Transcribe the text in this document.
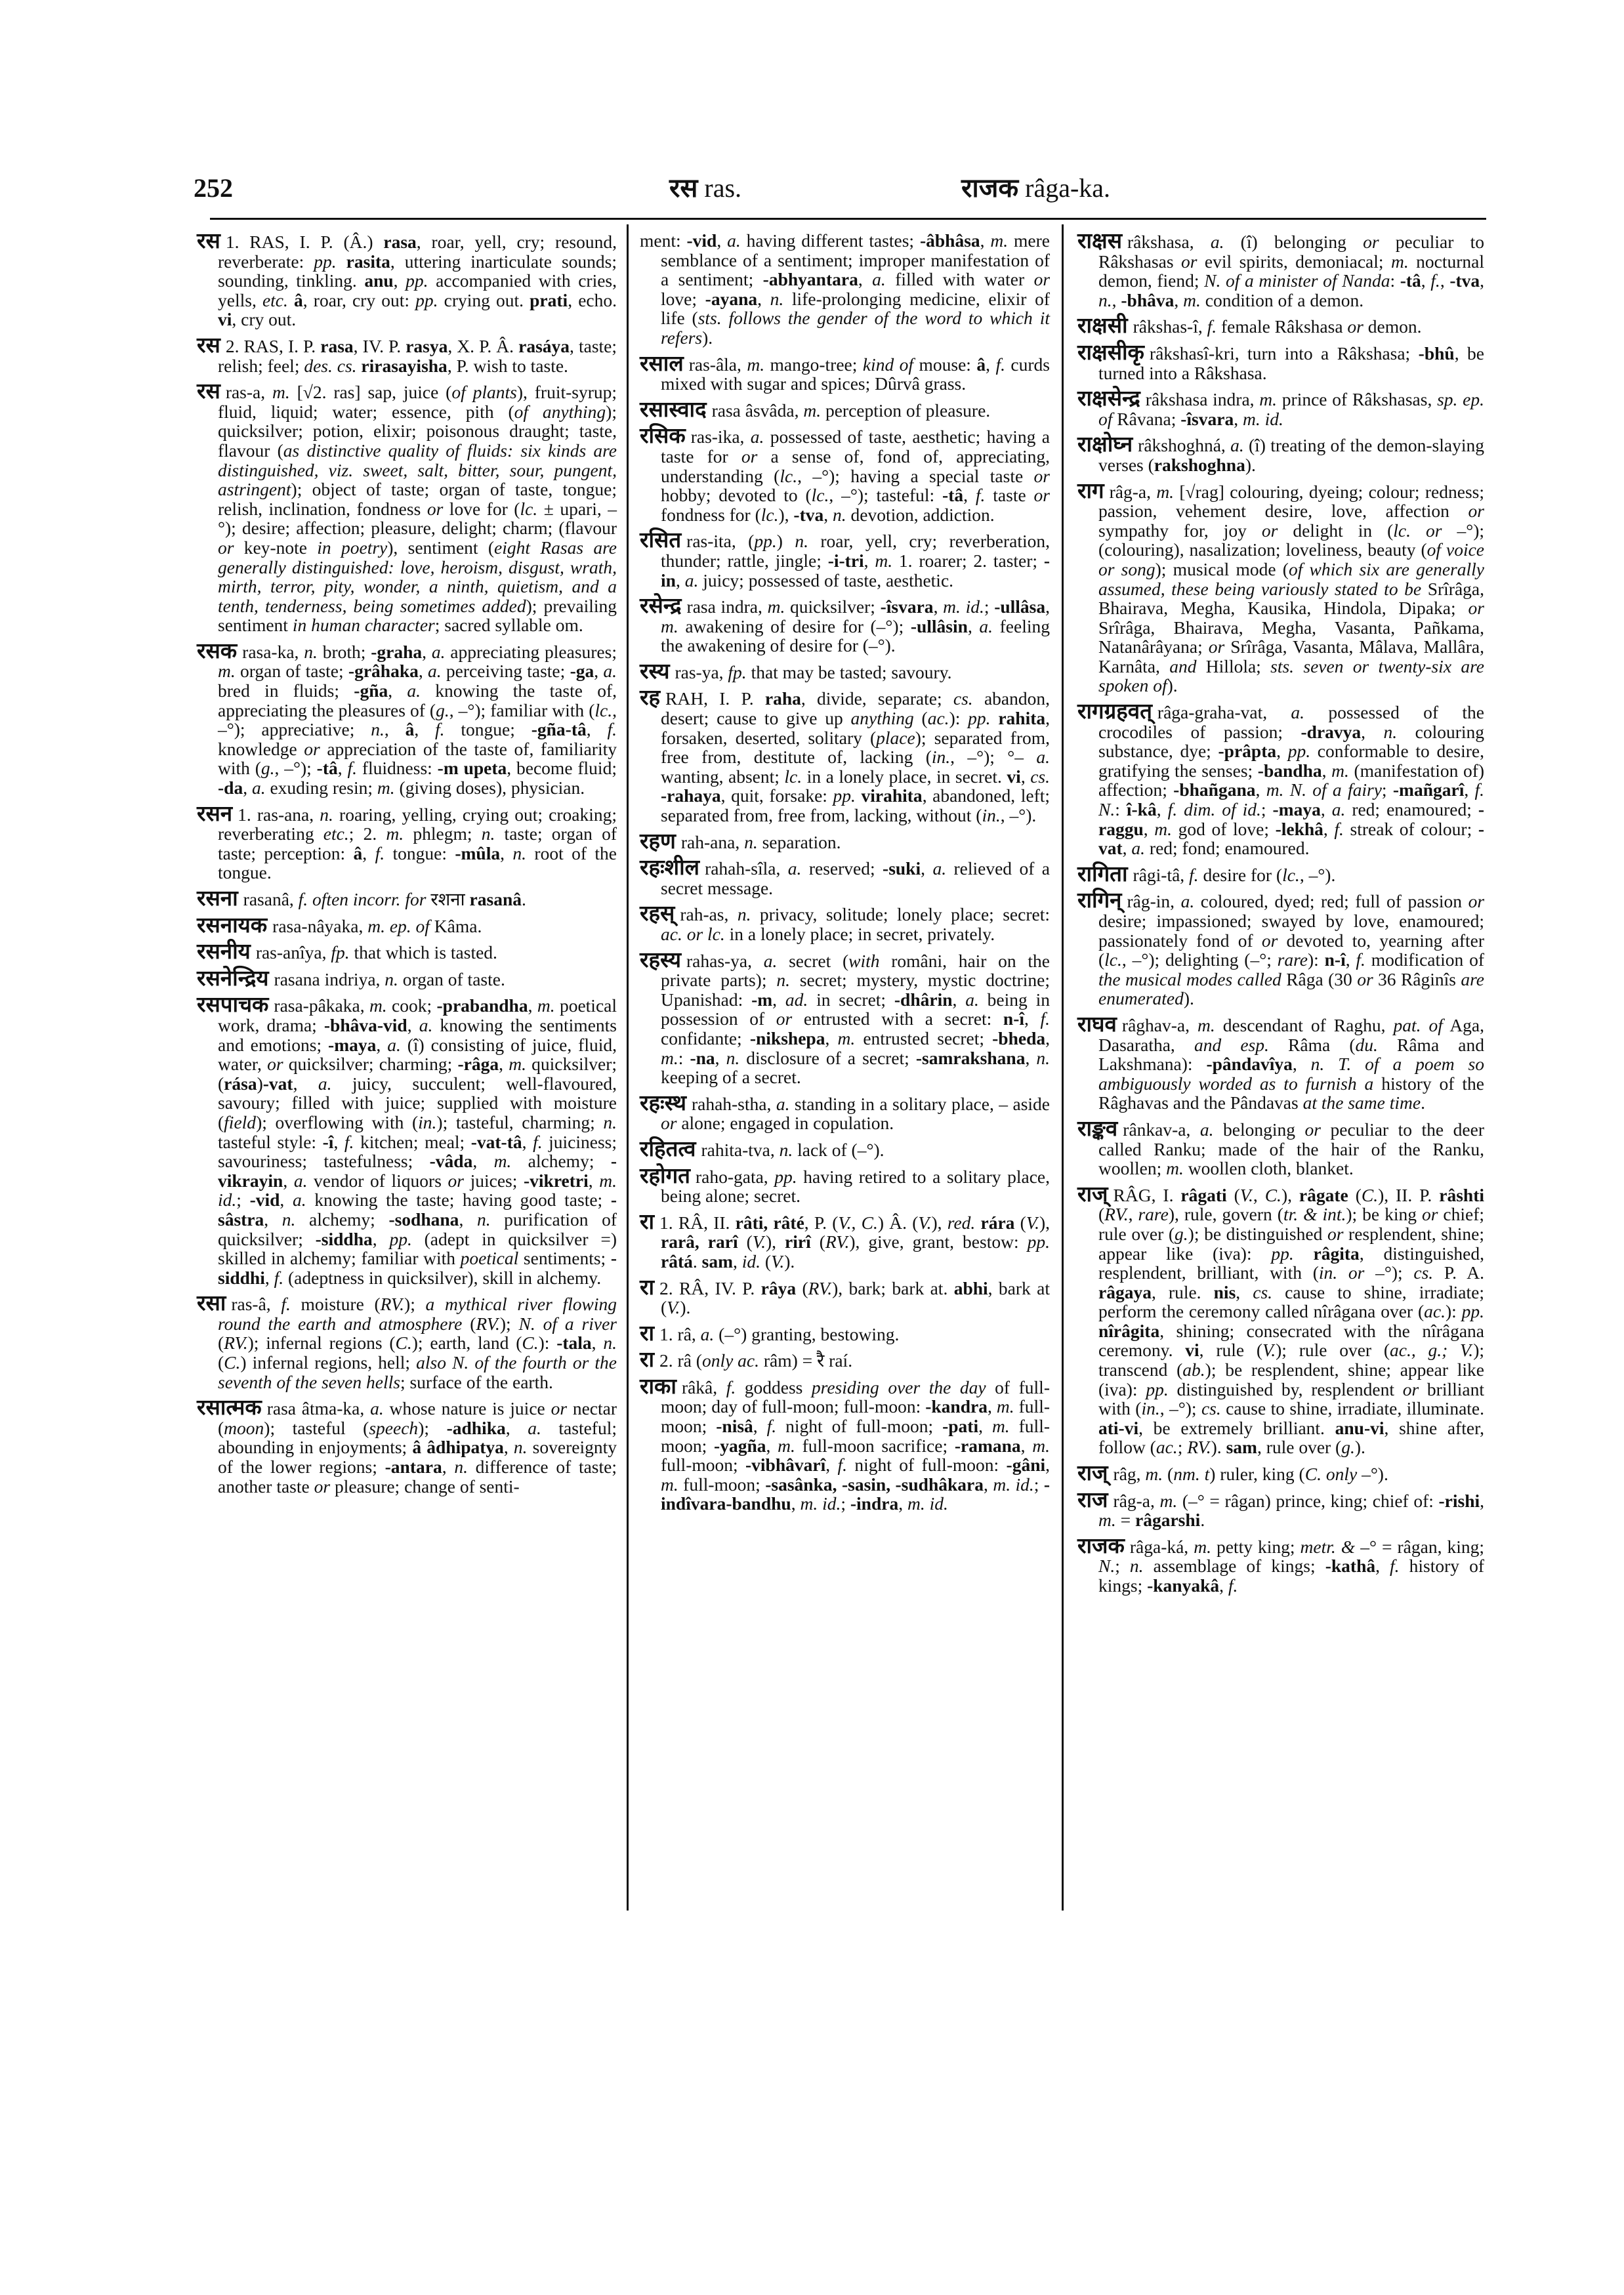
252	रस ras.	राजक râga-ka.

रस 1. RAS, I. P. (Â.) rasa, roar, yell, cry; resound, reverberate: pp. rasita, uttering inarticulate sounds; sounding, tinkling. anu, pp. accompanied with cries, yells, etc. â, roar, cry out: pp. crying out. prati, echo. vi, cry out.

रस 2. RAS, I. P. rasa, IV. P. rasya, X. P. Â. rasáya, taste; relish; feel; des. cs. rirasayisha, P. wish to taste.

रस ras-a, m. [√2. ras] sap, juice (of plants), fruit-syrup; fluid, liquid; water; essence, pith (of anything); quicksilver; potion, elixir; poisonous draught; taste, flavour (as distinctive quality of fluids: six kinds are distinguished, viz. sweet, salt, bitter, sour, pungent, astringent); object of taste; organ of taste, tongue; relish, inclination, fondness or love for (lc. ± upari, –°); desire; affection; pleasure, delight; charm; (flavour or key-note in poetry), sentiment (eight Rasas are generally distinguished: love, heroism, disgust, wrath, mirth, terror, pity, wonder, a ninth, quietism, and a tenth, tenderness, being sometimes added); prevailing sentiment in human character; sacred syllable om.

रसक rasa-ka, n. broth; -graha, a. appreciating pleasures; m. organ of taste; -grâhaka, a. perceiving taste; -ga, a. bred in fluids; -gña, a. knowing the taste of, appreciating the pleasures of (g., –°); familiar with (lc., –°); appreciative; n., â, f. tongue; -gña-tâ, f. knowledge or appreciation of the taste of, familiarity with (g., –°); -tâ, f. fluidness: -m upeta, become fluid; -da, a. exuding resin; m. (giving doses), physician.

रसन 1. ras-ana, n. roaring, yelling, crying out; croaking; reverberating etc.; 2. m. phlegm; n. taste; organ of taste; perception: â, f. tongue: -mûla, n. root of the tongue.

रसना rasanâ, f. often incorr. for रशना rasanâ.

रसनायक rasa-nâyaka, m. ep. of Kâma.

रसनीय ras-anîya, fp. that which is tasted.

रसनेन्द्रिय rasana indriya, n. organ of taste.

रसपाचक rasa-pâkaka, m. cook; -prabandha, m. poetical work, drama; -bhâva-vid, a. knowing the sentiments and emotions; -maya, a. (î) consisting of juice, fluid, water, or quicksilver; charming; -râga, m. quicksilver; (rása)-vat, a. juicy, succulent; well-flavoured, savoury; filled with juice; supplied with moisture (field); overflowing with (in.); tasteful, charming; n. tasteful style: -î, f. kitchen; meal; -vat-tâ, f. juiciness; savouriness; tastefulness; -vâda, m. alchemy; -vikrayin, a. vendor of liquors or juices; -vikretri, m. id.; -vid, a. knowing the taste; having good taste; -sâstra, n. alchemy; -sodhana, n. purification of quicksilver; -siddha, pp. (adept in quicksilver =) skilled in alchemy; familiar with poetical sentiments; -siddhi, f. (adeptness in quicksilver), skill in alchemy.

रसा ras-â, f. moisture (RV.); a mythical river flowing round the earth and atmosphere (RV.); N. of a river (RV.); infernal regions (C.); earth, land (C.): -tala, n. (C.) infernal regions, hell; also N. of the fourth or the seventh of the seven hells; surface of the earth.

रसात्मक rasa âtma-ka, a. whose nature is juice or nectar (moon); tasteful (speech); -adhika, a. tasteful; abounding in enjoyments; â âdhipatya, n. sovereignty of the lower regions; -antara, n. difference of taste; another taste or pleasure; change of senti-

ment: -vid, a. having different tastes; -âbhâsa, m. mere semblance of a sentiment; improper manifestation of a sentiment; -abhyantara, a. filled with water or love; -ayana, n. life-prolonging medicine, elixir of life (sts. follows the gender of the word to which it refers).

रसाल ras-âla, m. mango-tree; kind of mouse: â, f. curds mixed with sugar and spices; Dûrvâ grass.

रसास्वाद rasa âsvâda, m. perception of pleasure.

रसिक ras-ika, a. possessed of taste, aesthetic; having a taste for or a sense of, fond of, appreciating, understanding (lc., –°); having a special taste or hobby; devoted to (lc., –°); tasteful: -tâ, f. taste or fondness for (lc.), -tva, n. devotion, addiction.

रसित ras-ita, (pp.) n. roar, yell, cry; reverberation, thunder; rattle, jingle; -i-tri, m. 1. roarer; 2. taster; -in, a. juicy; possessed of taste, aesthetic.

रसेन्द्र rasa indra, m. quicksilver; -îsvara, m. id.; -ullâsa, m. awakening of desire for (–°); -ullâsin, a. feeling the awakening of desire for (–°).

रस्य ras-ya, fp. that may be tasted; savoury.

रह RAH, I. P. raha, divide, separate; cs. abandon, desert; cause to give up anything (ac.): pp. rahita, forsaken, deserted, solitary (place); separated from, free from, destitute of, lacking (in., –°); °– a. wanting, absent; lc. in a lonely place, in secret. vi, cs. -rahaya, quit, forsake: pp. virahita, abandoned, left; separated from, free from, lacking, without (in., –°).

रहण rah-ana, n. separation.

रहःशील rahah-sîla, a. reserved; -suki, a. relieved of a secret message.

रहस् rah-as, n. privacy, solitude; lonely place; secret: ac. or lc. in a lonely place; in secret, privately.

रहस्य rahas-ya, a. secret (with români, hair on the private parts); n. secret; mystery, mystic doctrine; Upanishad: -m, ad. in secret; -dhârin, a. being in possession of or entrusted with a secret: n-î, f. confidante; -nikshepa, m. entrusted secret; -bheda, m.: -na, n. disclosure of a secret; -samrakshana, n. keeping of a secret.

रहःस्थ rahah-stha, a. standing in a solitary place, – aside or alone; engaged in copulation.

रहितत्व rahita-tva, n. lack of (–°).

रहोगत raho-gata, pp. having retired to a solitary place, being alone; secret.

रा 1. RÂ, II. râti, râté, P. (V., C.) Â. (V.), red. rára (V.), rarâ, rarî (V.), rirî (RV.), give, grant, bestow: pp. râtá. sam, id. (V.).

रा 2. RÂ, IV. P. râya (RV.), bark; bark at. abhi, bark at (V.).

रा 1. râ, a. (–°) granting, bestowing.

रा 2. râ (only ac. râm) = रै raí.

राका râkâ, f. goddess presiding over the day of full-moon; day of full-moon; full-moon: -kandra, m. full-moon; -nisâ, f. night of full-moon; -pati, m. full-moon; -yagña, m. full-moon sacrifice; -ramana, m. full-moon; -vibhâvarî, f. night of full-moon: -gâni, m. full-moon; -sasânka, -sasin, -sudhâkara, m. id.; -indîvara-bandhu, m. id.; -indra, m. id.

राक्षस râkshasa, a. (î) belonging or peculiar to Râkshasas or evil spirits, demoniacal; m. nocturnal demon, fiend; N. of a minister of Nanda: -tâ, f., -tva, n., -bhâva, m. condition of a demon.

राक्षसी râkshas-î, f. female Râkshasa or demon.

राक्षसीकृ râkshasî-kri, turn into a Râkshasa; -bhû, be turned into a Râkshasa.

राक्षसेन्द्र râkshasa indra, m. prince of Râkshasas, sp. ep. of Râvana; -îsvara, m. id.

राक्षोघ्न râkshoghná, a. (î) treating of the demon-slaying verses (rakshoghna).

राग râg-a, m. [√rag] colouring, dyeing; colour; redness; passion, vehement desire, love, affection or sympathy for, joy or delight in (lc. or –°); (colouring), nasalization; loveliness, beauty (of voice or song); musical mode (of which six are generally assumed, these being variously stated to be Srîrâga, Bhairava, Megha, Kausika, Hindola, Dipaka; or Srîrâga, Bhairava, Megha, Vasanta, Pañkama, Natanârâyana; or Srîrâga, Vasanta, Mâlava, Mallâra, Karnâta, and Hillola; sts. seven or twenty-six are spoken of).

रागग्रहवत् râga-graha-vat, a. possessed of the crocodiles of passion; -dravya, n. colouring substance, dye; -prâpta, pp. conformable to desire, gratifying the senses; -bandha, m. (manifestation of) affection; -bhañgana, m. N. of a fairy; -mañgarî, f. N.: î-kâ, f. dim. of id.; -maya, a. red; enamoured; -raggu, m. god of love; -lekhâ, f. streak of colour; -vat, a. red; fond; enamoured.

रागिता râgi-tâ, f. desire for (lc., –°).

रागिन् râg-in, a. coloured, dyed; red; full of passion or desire; impassioned; swayed by love, enamoured; passionately fond of or devoted to, yearning after (lc., –°); delighting (–°; rare): n-î, f. modification of the musical modes called Râga (30 or 36 Râginîs are enumerated).

राघव râghav-a, m. descendant of Raghu, pat. of Aga, Dasaratha, and esp. Râma (du. Râma and Lakshmana): -pândavîya, n. T. of a poem so ambiguously worded as to furnish a history of the Râghavas and the Pândavas at the same time.

राङ्कव rânkav-a, a. belonging or peculiar to the deer called Ranku; made of the hair of the Ranku, woollen; m. woollen cloth, blanket.

राज् RÂG, I. râgati (V., C.), râgate (C.), II. P. râshti (RV., rare), rule, govern (tr. & int.); be king or chief; rule over (g.); be distinguished or resplendent, shine; appear like (iva): pp. râgita, distinguished, resplendent, brilliant, with (in. or –°); cs. P. A. râgaya, rule. nis, cs. cause to shine, irradiate; perform the ceremony called nîrâgana over (ac.): pp. nîrâgita, shining; consecrated with the nîrâgana ceremony. vi, rule (V.); rule over (ac., g.; V.); transcend (ab.); be resplendent, shine; appear like (iva): pp. distinguished by, resplendent or brilliant with (in., –°); cs. cause to shine, irradiate, illuminate. ati-vi, be extremely brilliant. anu-vi, shine after, follow (ac.; RV.). sam, rule over (g.).

राज् râg, m. (nm. t) ruler, king (C. only –°).

राज râg-a, m. (–° = râgan) prince, king; chief of: -rishi, m. = râgarshi.

राजक râga-ká, m. petty king; metr. & –° = râgan, king; N.; n. assemblage of kings; -kathâ, f. history of kings; -kanyakâ, f.
